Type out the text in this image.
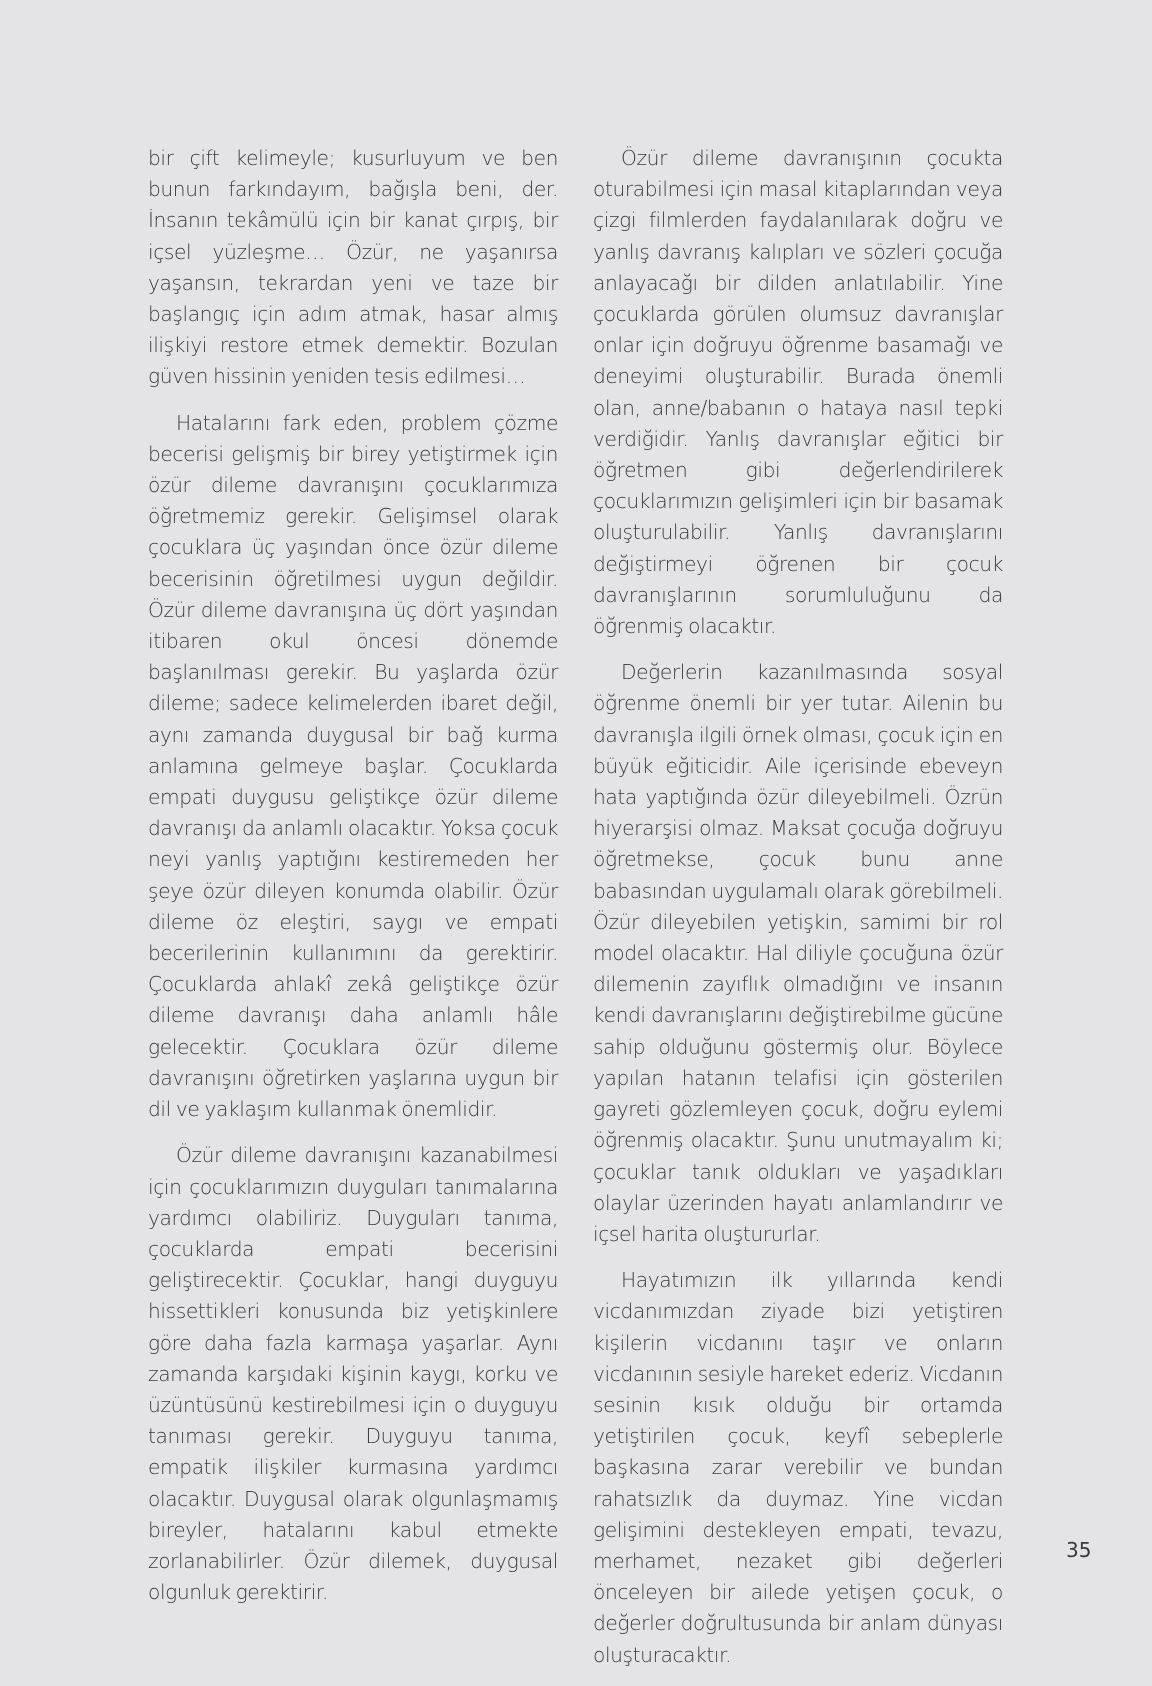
bir çift kelimeyle; kusurluyum ve ben bunun farkındayım, bağışla beni, der. İnsanın tekâmülü için bir kanat çırpış, bir içsel yüzleşme… Özür, ne yaşanırsa yaşansın, tekrardan yeni ve taze bir başlangıç için adım atmak, hasar almış ilişkiyi restore etmek demektir. Bozulan güven hissinin yeniden tesis edilmesi…

Hatalarını fark eden, problem çözme becerisi gelişmiş bir birey yetiştirmek için özür dileme davranışını çocuklarımıza öğretmemiz gerekir. Gelişimsel olarak çocuklara üç yaşından önce özür dileme becerisinin öğretilmesi uygun değildir. Özür dileme davranışına üç dört yaşından itibaren okul öncesi dönemde başlanılması gerekir. Bu yaşlarda özür dileme; sadece kelimelerden ibaret değil, aynı zamanda duygusal bir bağ kurma anlamına gelmeye başlar. Çocuklarda empati duygusu geliştikçe özür dileme davranışı da anlamlı olacaktır. Yoksa çocuk neyi yanlış yaptığını kestiremeden her şeye özür dileyen konumda olabilir. Özür dileme öz eleştiri, saygı ve empati becerilerinin kullanımını da gerektirir. Çocuklarda ahlakî zekâ geliştikçe özür dileme davranışı daha anlamlı hâle gelecektir. Çocuklara özür dileme davranışını öğretirken yaşlarına uygun bir dil ve yaklaşım kullanmak önemlidir.

Özür dileme davranışını kazanabilmesi için çocuklarımızın duyguları tanımalarına yardımcı olabiliriz. Duyguları tanıma, çocuklarda empati becerisini geliştirecektir. Çocuklar, hangi duyguyu hissettikleri konusunda biz yetişkinlere göre daha fazla karmaşa yaşarlar. Aynı zamanda karşıdaki kişinin kaygı, korku ve üzüntüsünü kestirebilmesi için o duyguyu tanıması gerekir. Duyguyu tanıma, empatik ilişkiler kurmasına yardımcı olacaktır. Duygusal olarak olgunlaşmamış bireyler, hatalarını kabul etmekte zorlanabilirler. Özür dilemek, duygusal olgunluk gerektirir.

Özür dileme davranışının çocukta oturabilmesi için masal kitaplarından veya çizgi filmlerden faydalanılarak doğru ve yanlış davranış kalıpları ve sözleri çocuğa anlayacağı bir dilden anlatılabilir. Yine çocuklarda görülen olumsuz davranışlar onlar için doğruyu öğrenme basamağı ve deneyimi oluşturabilir. Burada önemli olan, anne/babanın o hataya nasıl tepki verdiğidir. Yanlış davranışlar eğitici bir öğretmen gibi değerlendirilerek çocuklarımızın gelişimleri için bir basamak oluşturulabilir. Yanlış davranışlarını değiştirmeyi öğrenen bir çocuk davranışlarının sorumluluğunu da öğrenmiş olacaktır.

Değerlerin kazanılmasında sosyal öğrenme önemli bir yer tutar. Ailenin bu davranışla ilgili örnek olması, çocuk için en büyük eğiticidir. Aile içerisinde ebeveyn hata yaptığında özür dileyebilmeli. Özrün hiyerarşisi olmaz. Maksat çocuğa doğruyu öğretmekse, çocuk bunu anne babasından uygulamalı olarak görebilmeli. Özür dileyebilen yetişkin, samimi bir rol model olacaktır. Hal diliyle çocuğuna özür dilemenin zayıflık olmadığını ve insanın kendi davranışlarını değiştirebilme gücüne sahip olduğunu göstermiş olur. Böylece yapılan hatanın telafisi için gösterilen gayreti gözlemleyen çocuk, doğru eylemi öğrenmiş olacaktır. Şunu unutmayalım ki; çocuklar tanık oldukları ve yaşadıkları olaylar üzerinden hayatı anlamlandırır ve içsel harita oluştururlar.

Hayatımızın ilk yıllarında kendi vicdanımızdan ziyade bizi yetiştiren kişilerin vicdanını taşır ve onların vicdanının sesiyle hareket ederiz. Vicdanın sesinin kısık olduğu bir ortamda yetiştirilen çocuk, keyfî sebeplerle başkasına zarar verebilir ve bundan rahatsızlık da duymaz. Yine vicdan gelişimini destekleyen empati, tevazu, merhamet, nezaket gibi değerleri önceleyen bir ailede yetişen çocuk, o değerler doğrultusunda bir anlam dünyası oluşturacaktır.

35
